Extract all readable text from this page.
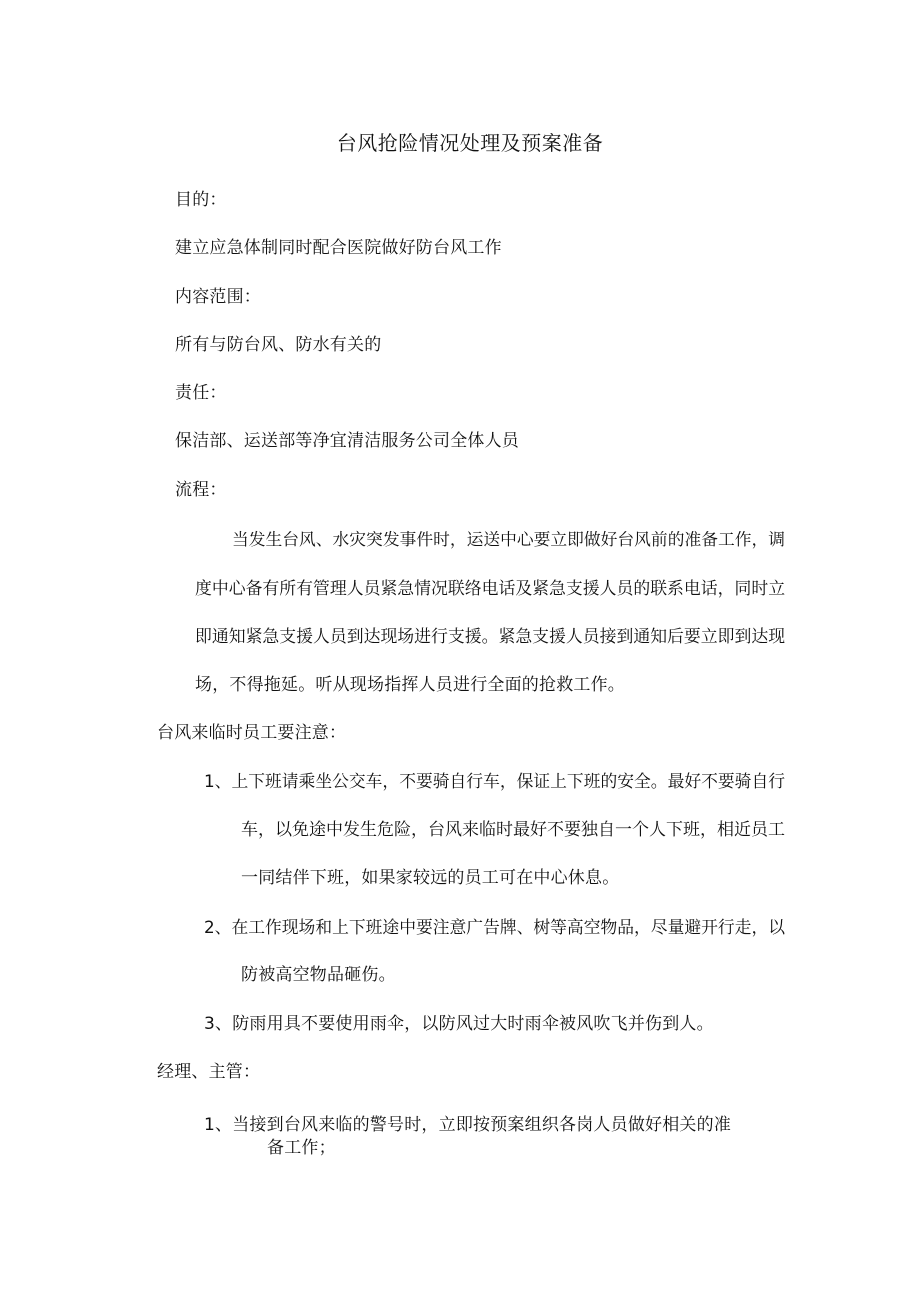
台风抢险情况处理及预案准备
目的：
建立应急体制同时配合医院做好防台风工作
内容范围：
所有与防台风、防水有关的
责任：
保洁部、运送部等净宜清洁服务公司全体人员
流程：
当发生台风、水灾突发事件时，运送中心要立即做好台风前的准备工作，调
度中心备有所有管理人员紧急情况联络电话及紧急支援人员的联系电话，同时立
即通知紧急支援人员到达现场进行支援。紧急支援人员接到通知后要立即到达现
场，不得拖延。听从现场指挥人员进行全面的抢救工作。
台风来临时员工要注意：
1、上下班请乘坐公交车，不要骑自行车，保证上下班的安全。最好不要骑自行
车，以免途中发生危险，台风来临时最好不要独自一个人下班，相近员工
一同结伴下班，如果家较远的员工可在中心休息。
2、在工作现场和上下班途中要注意广告牌、树等高空物品，尽量避开行走，以
防被高空物品砸伤。
3、防雨用具不要使用雨伞，以防风过大时雨伞被风吹飞并伤到人。
经理、主管：
1、当接到台风来临的警号时，立即按预案组织各岗人员做好相关的准
备工作；
